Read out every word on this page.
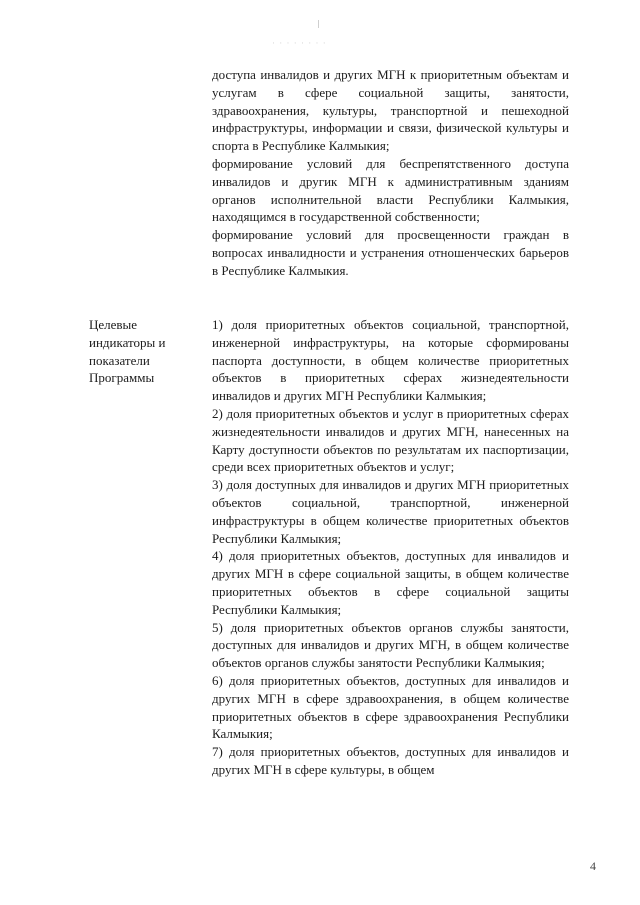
· · · · · · · ·

доступа инвалидов и других МГН к приоритетным объектам и услугам в сфере социальной защиты, занятости, здравоохранения, культуры, транспортной и пешеходной инфраструктуры, информации и связи, физической культуры и спорта в Республике Калмыкия;

формирование условий для беспрепятственного доступа инвалидов и другик МГН к административным зданиям органов исполнительной власти Республики Калмыкия, находящимся в государственной собственности;

формирование условий для просвещенности граждан в вопросах инвалидности и устранения отношенческих барьеров в Республике Калмыкия.

Целевые
индикаторы и
показатели
Программы

1) доля приоритетных объектов социальной, транспортной, инженерной инфраструктуры, на которые сформированы паспорта доступности, в общем количестве приоритетных объектов в приоритетных сферах жизнедеятельности инвалидов и других МГН Республики Калмыкия;

2) доля приоритетных объектов и услуг в приоритетных сферах жизнедеятельности инвалидов и других МГН, нанесенных на Карту доступности объектов по результатам их паспортизации, среди всех приоритетных объектов и услуг;

3) доля доступных для инвалидов и других МГН приоритетных объектов социальной, транспортной, инженерной инфраструктуры в общем количестве приоритетных объектов Республики Калмыкия;

4) доля приоритетных объектов, доступных для инвалидов и других МГН в сфере социальной защиты, в общем количестве приоритетных объектов в сфере социальной защиты Республики Калмыкия;

5) доля приоритетных объектов органов службы занятости, доступных для инвалидов и других МГН, в общем количестве объектов органов службы занятости Республики Калмыкия;

6) доля приоритетных объектов, доступных для инвалидов и других МГН в сфере здравоохранения, в общем количестве приоритетных объектов в сфере здравоохранения Республики Калмыкия;

7) доля приоритетных объектов, доступных для инвалидов и других МГН в сфере культуры, в общем

4
